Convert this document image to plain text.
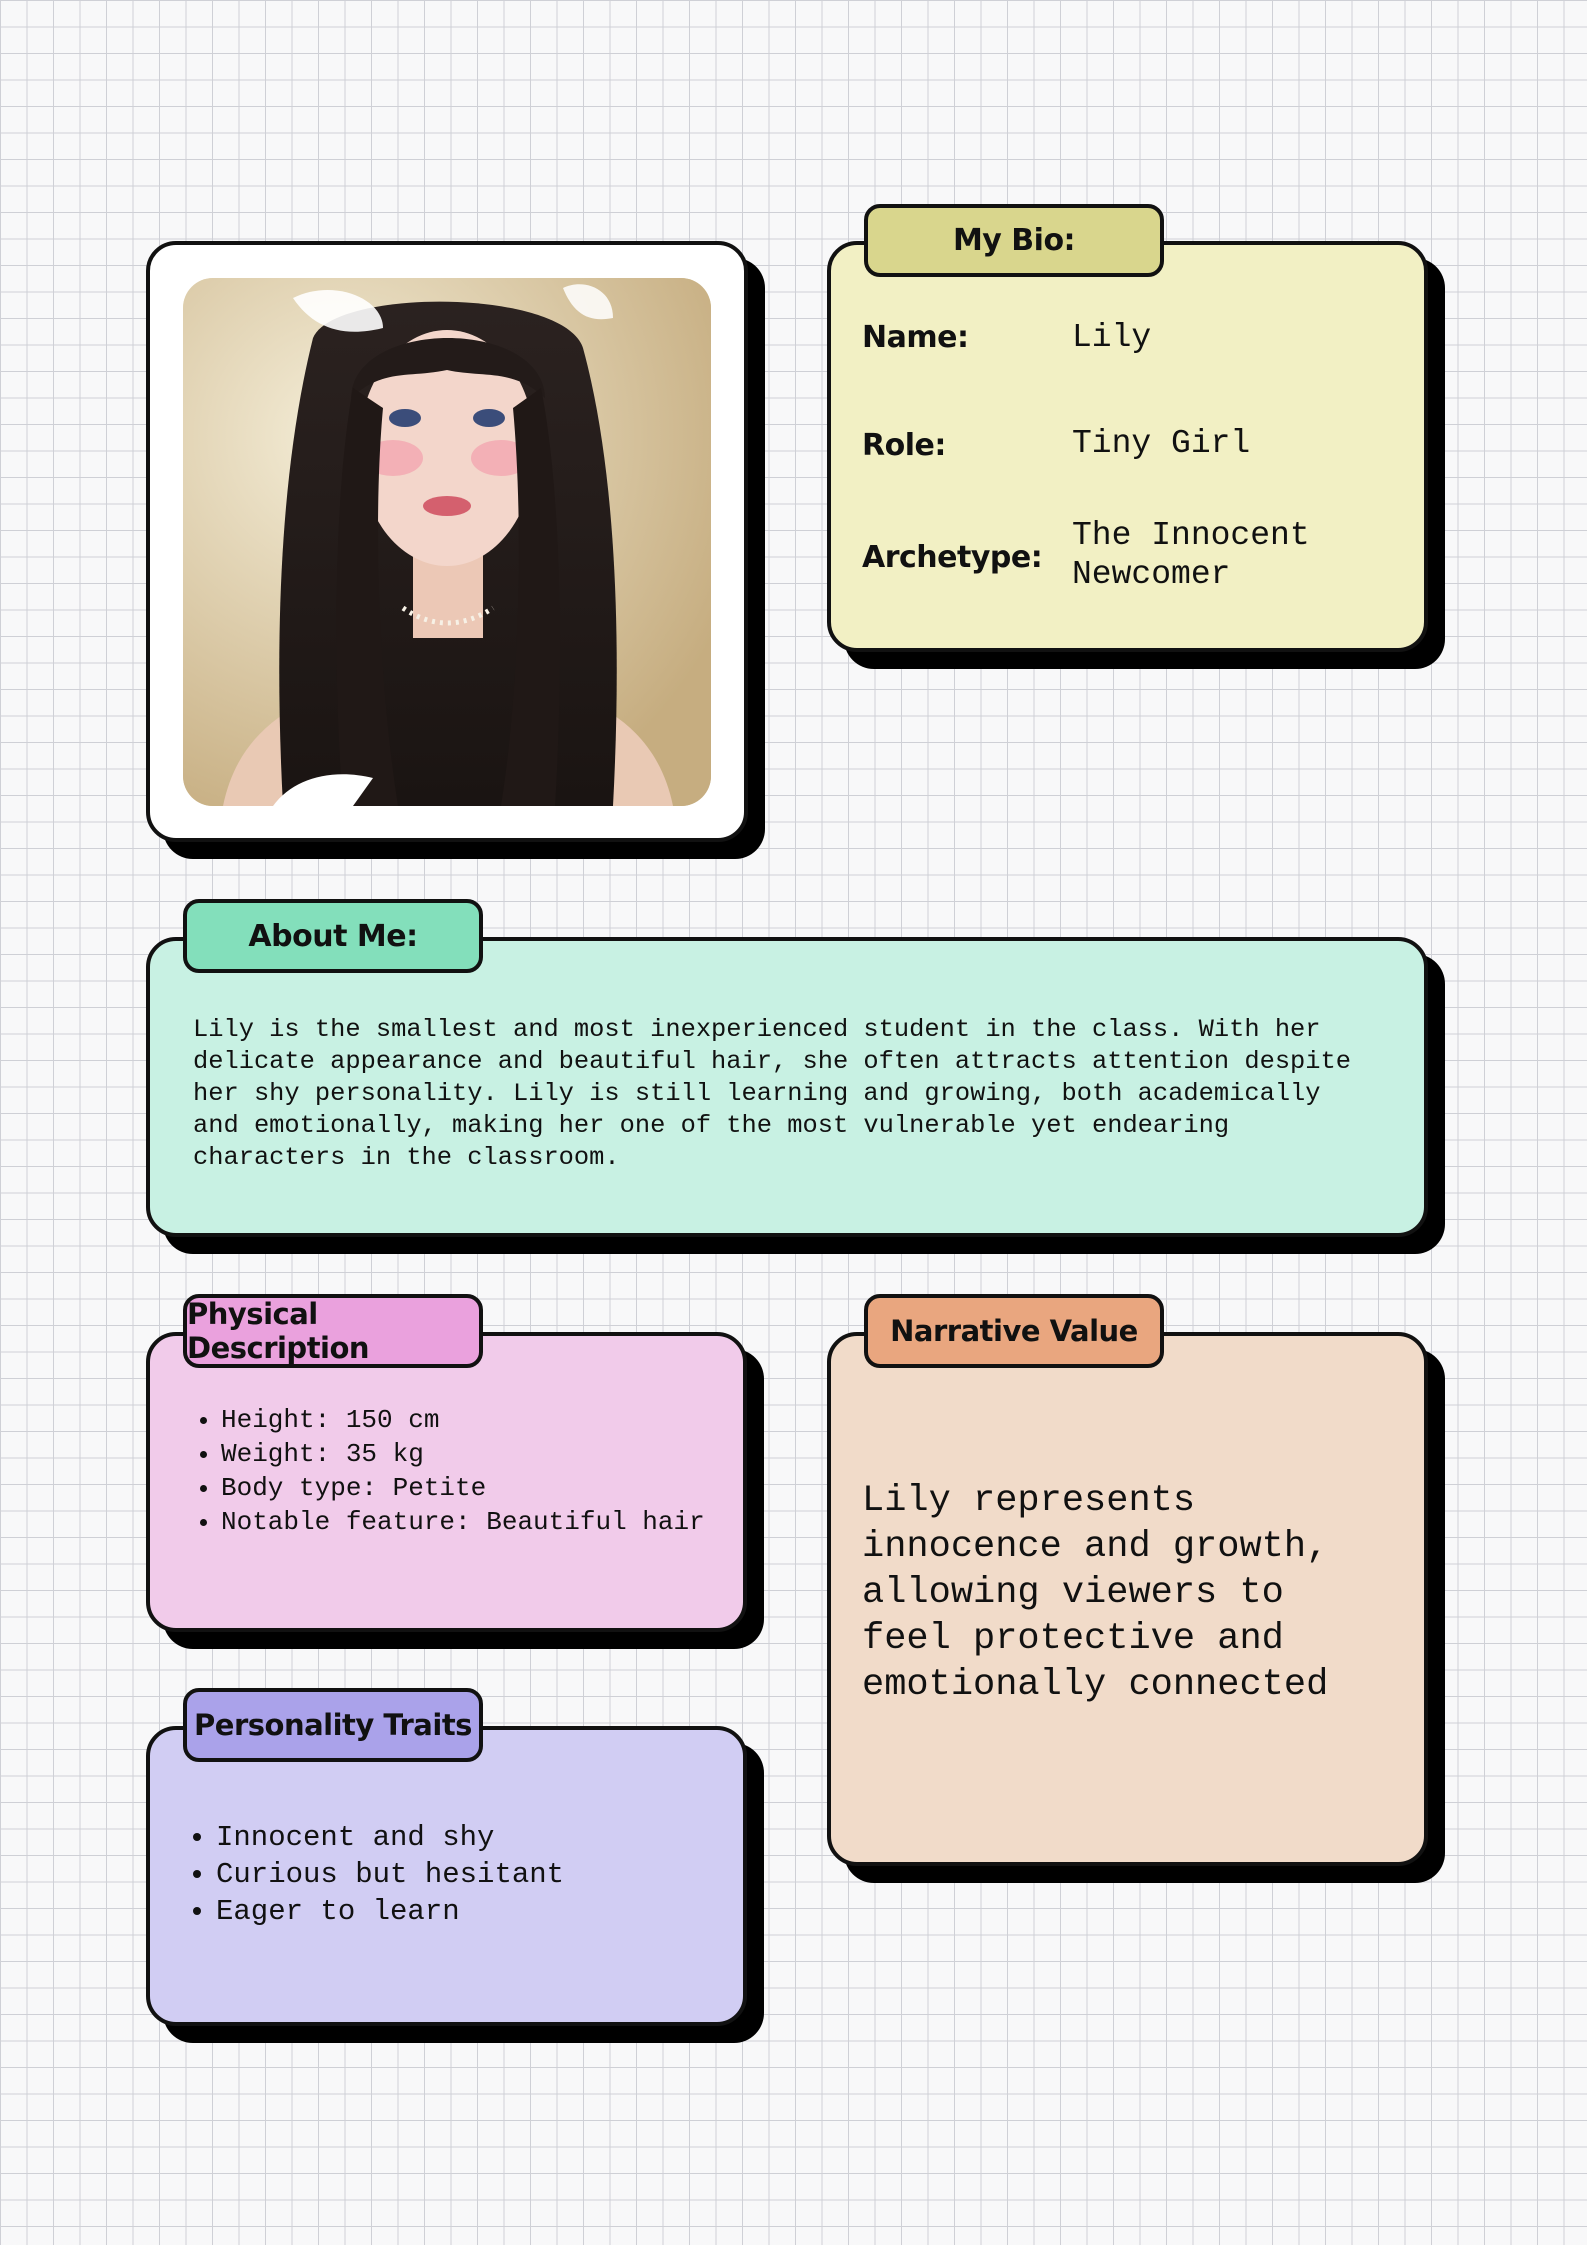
My Bio:
Name:	Lily
Role:	Tiny Girl
Archetype:
The Innocent Newcomer
About Me:
Lily is the smallest and most inexperienced student in the class. With her delicate appearance and beautiful hair, she often attracts attention despite her shy personality. Lily is still learning and growing, both academically and emotionally, making her one of the most vulnerable yet endearing characters in the classroom.
Physical Description
• Height: 150 cm
• Weight: 35 kg
• Body type: Petite
• Notable feature: Beautiful hair
Personality Traits
• Innocent and shy
• Curious but hesitant
• Eager to learn
Narrative Value
Lily represents innocence and growth, allowing viewers to feel protective and emotionally connected
